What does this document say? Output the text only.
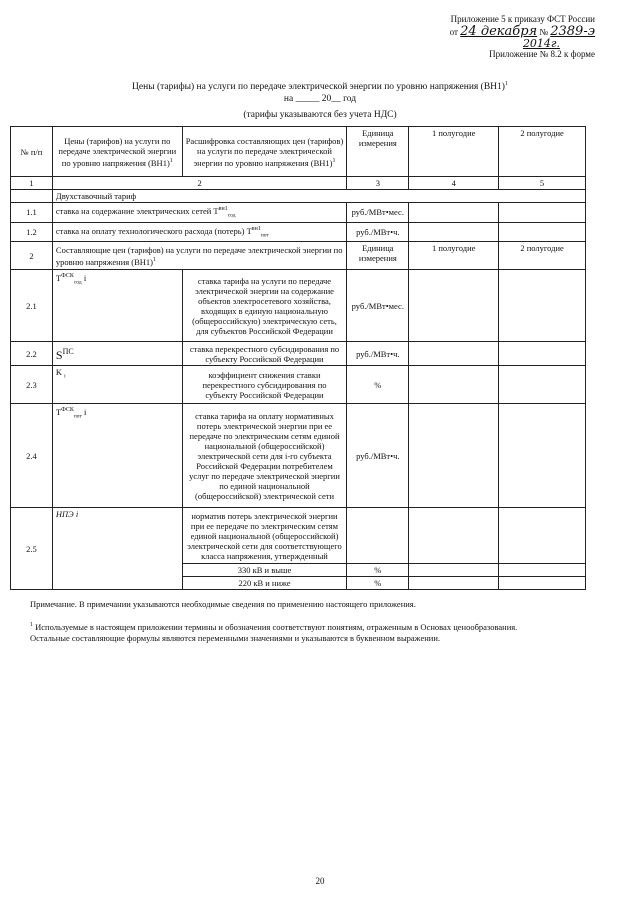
Приложение 5 к приказу ФСТ России
от 24 декабря № 2389-э
2014г.
Приложение № 8.2 к форме
Цены (тарифы) на услуги по передаче электрической энергии по уровню напряжения $(ВН1)^1$
на _____ 20__ год
(тарифы указываются без учета НДС)
№ п/п	Цены (тарифов) на услуги по передаче электрической энергии по уровню напряжения $(ВН1)^1$	Расшифровка составляющих цен (тарифов) на услуги по передаче электрической энергии по уровню напряжения $(ВН1)^1$	Единица измерения	1 полугодие	2 полугодие
1	2		3	4	5
	Двухставочный тариф				
1.1	ставка на содержание электрических сетей $T^{вн1}_{сод}$		руб./МВт•мес.		
1.2	ставка на оплату технологического расхода (потерь) $T^{вн1}_{пот}$		руб./МВт•ч.		
2	Составляющие цен (тарифов) на услуги по передаче электрической энергии по уровню напряжения $(ВН1)^1$		Единица измерения	1 полугодие	2 полугодие
2.1	$T^{ФСК}_{сод}$ i	ставка тарифа на услуги по передаче электрической энергии на содержание объектов электросетевого хозяйства, входящих в единую национальную (общероссийскую) электрическую сеть, для субъектов Российской Федерации	руб./МВт•мес.		
2.2	$S^{ПС}$	ставка перекрестного субсидирования по субъекту Российской Федерации	руб./МВт•ч.		
2.3	K $_i$	коэффициент снижения ставки перекрестного субсидирования по субъекту Российской Федерации	%		
2.4	$T^{ФСК}_{пот}$ i	ставка тарифа на оплату нормативных потерь электрической энергии при ее передаче по электрическим сетям единой национальной (общероссийской) электрической сети для i-го субъекта Российской Федерации потребителем услуг по передаче электрической энергии по единой национальной (общероссийской) электрической сети	руб./МВт•ч.		
2.5	НПЭ i	норматив потерь электрической энергии при ее передаче по электрическим сетям единой национальной (общероссийской) электрической сети для соответствующего класса напряжения, утвержденный			
		330 кВ и выше	%		
		220 кВ и ниже	%		
Примечание. В примечании указываются необходимые сведения по применению настоящего приложения.
$^1$ Используемые в настоящем приложении термины и обозначения соответствуют понятиям, отраженным в Основах ценообразования.
Остальные составляющие формулы являются переменными значениями и указываются в буквенном выражении.
20
